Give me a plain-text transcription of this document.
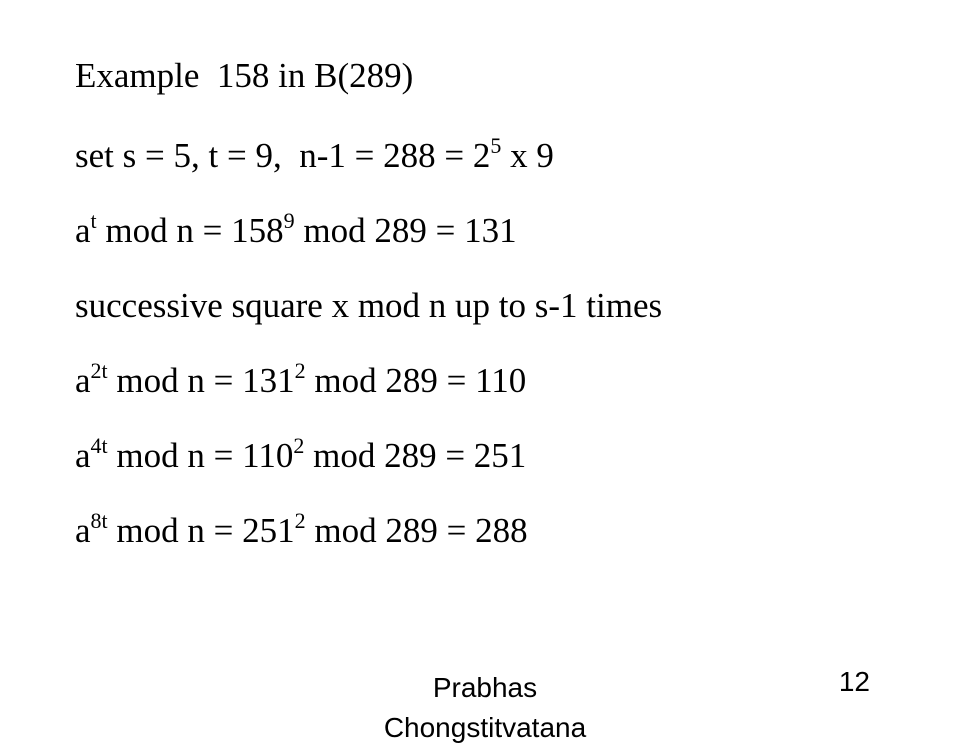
Example  158 in B(289)
set s = 5, t = 9,  $n-1 = 288 = 2^5$ x 9
$a^t$ mod $n = 158^9$ mod 289 = 131
successive square x mod n up to s-1 times
$a^{2t}$ mod $n = 131^2$ mod 289 = 110
$a^{4t}$ mod $n = 110^2$ mod 289 = 251
$a^{8t}$ mod $n = 251^2$ mod 289 = 288
Prabhas Chongstitvatana
12
